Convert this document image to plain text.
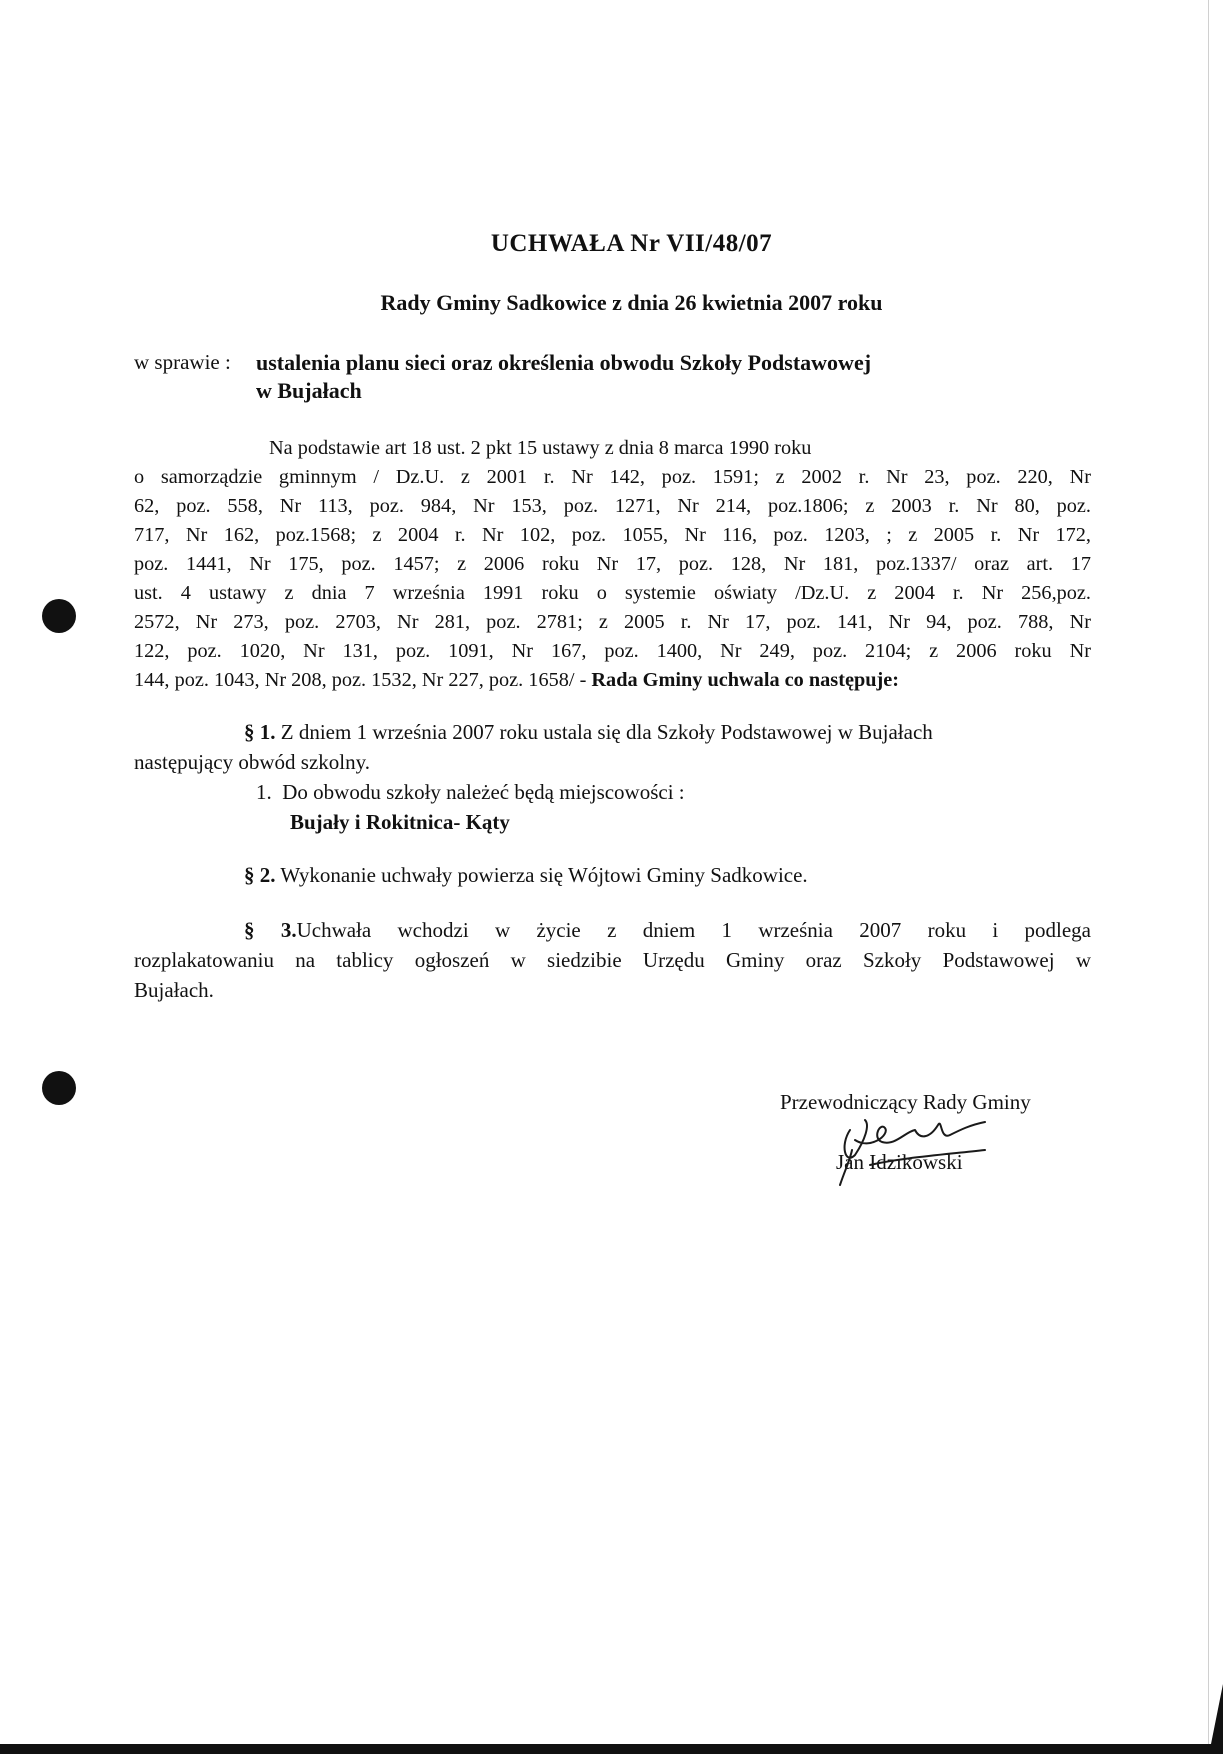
UCHWAŁA Nr VII/48/07
Rady Gminy Sadkowice z dnia 26 kwietnia 2007 roku
w sprawie : ustalenia planu sieci oraz określenia obwodu Szkoły Podstawowej
w Bujałach
Na podstawie art 18 ust. 2 pkt 15 ustawy z dnia 8 marca 1990 roku
o samorządzie gminnym / Dz.U. z 2001 r. Nr 142, poz. 1591; z 2002 r. Nr 23, poz. 220, Nr
62, poz. 558, Nr 113, poz. 984, Nr 153, poz. 1271, Nr 214, poz.1806; z 2003 r. Nr 80, poz.
717, Nr 162, poz.1568; z 2004 r. Nr 102, poz. 1055, Nr 116, poz. 1203, ; z 2005 r. Nr 172,
poz. 1441, Nr 175, poz. 1457; z 2006 roku Nr 17, poz. 128, Nr 181, poz.1337/ oraz art. 17
ust. 4 ustawy z dnia 7 września 1991 roku o systemie oświaty /Dz.U. z 2004 r. Nr 256,poz.
2572, Nr 273, poz. 2703, Nr 281, poz. 2781; z 2005 r. Nr 17, poz. 141, Nr 94, poz. 788, Nr
122, poz. 1020, Nr 131, poz. 1091, Nr 167, poz. 1400, Nr 249, poz. 2104; z 2006 roku Nr
144, poz. 1043, Nr 208, poz. 1532, Nr 227, poz. 1658/ - Rada Gminy uchwala co następuje:
§ 1. Z dniem 1 września 2007 roku ustala się dla Szkoły Podstawowej w Bujałach
następujący obwód szkolny.
1. Do obwodu szkoły należeć będą miejscowości :
Bujały i Rokitnica- Kąty
§ 2. Wykonanie uchwały powierza się Wójtowi Gminy Sadkowice.
§ 3.Uchwała wchodzi w życie z dniem 1 września 2007 roku i podlega
rozplakatowaniu na tablicy ogłoszeń w siedzibie Urzędu Gminy oraz Szkoły Podstawowej w
Bujałach.
Przewodniczący Rady Gminy
Jan Idzikowski
